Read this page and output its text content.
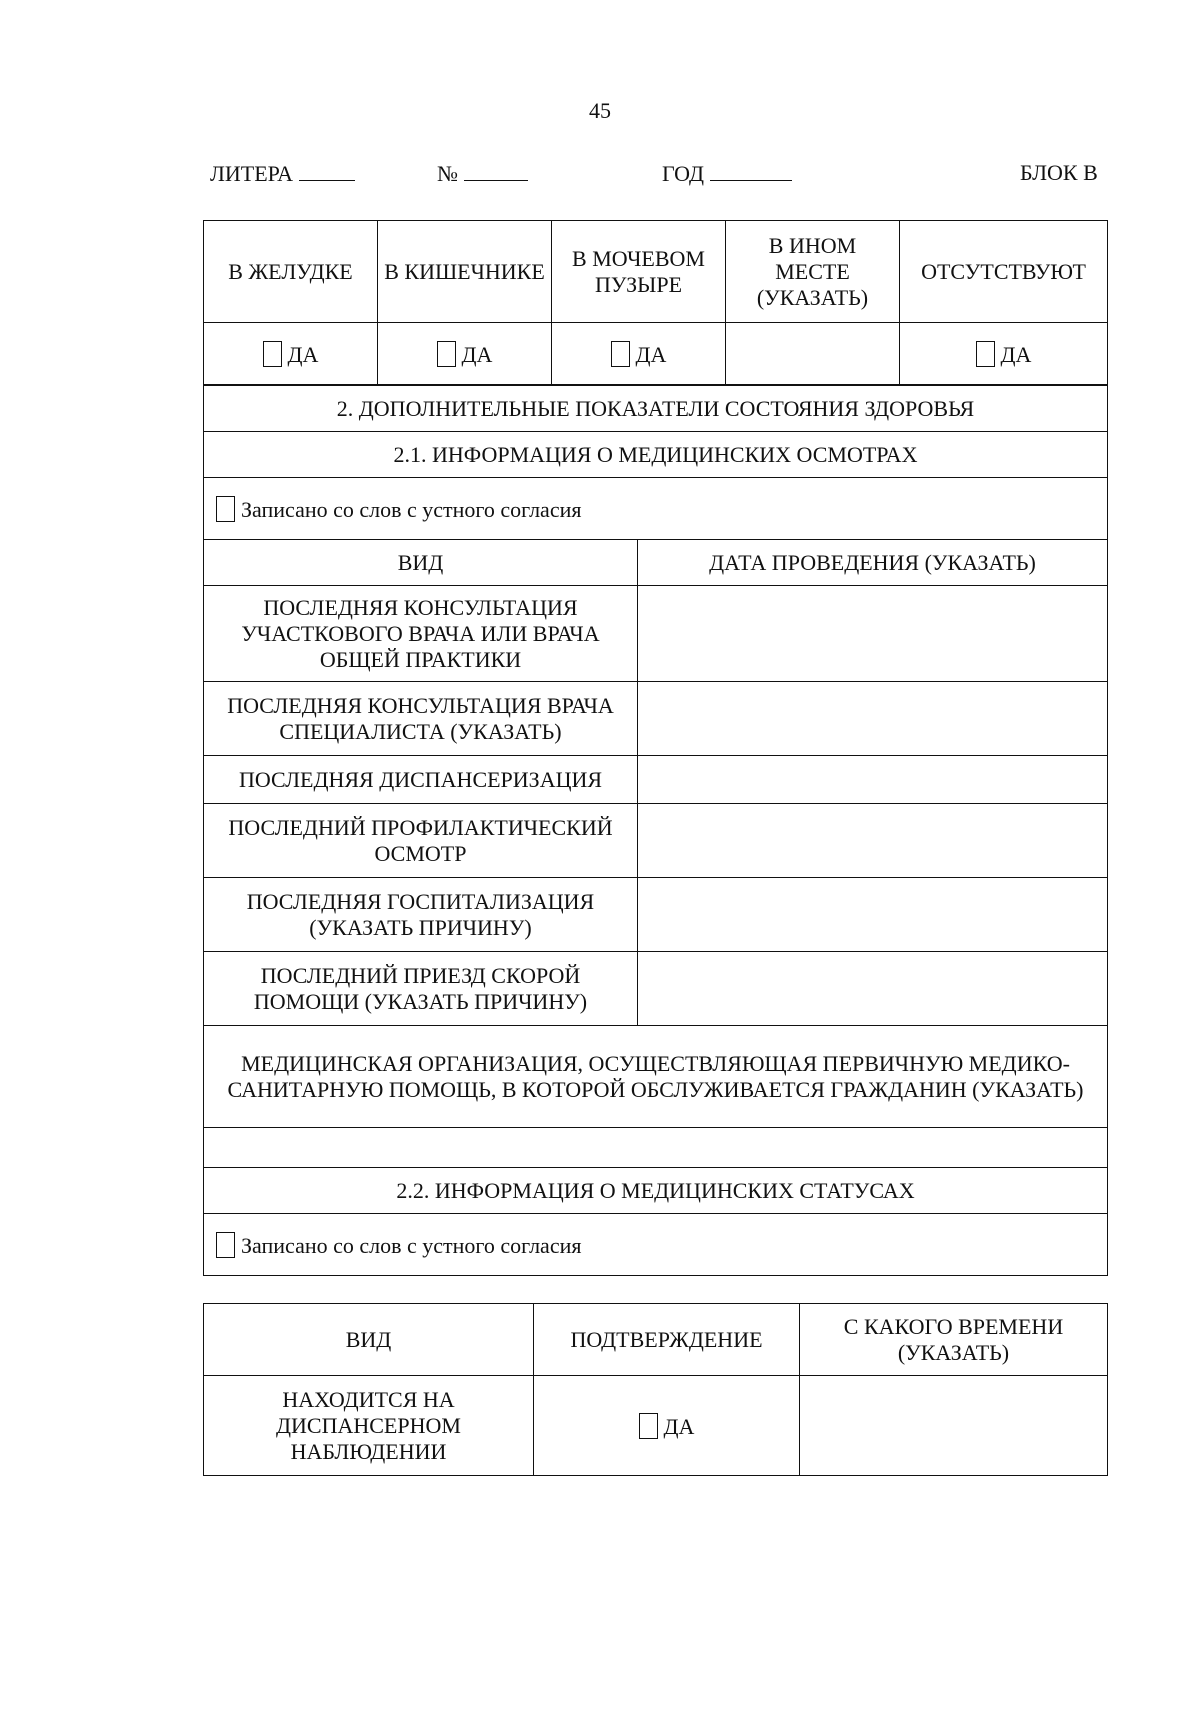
45
ЛИТЕРА	№	ГОД	БЛОК В
В ЖЕЛУДКЕ	В КИШЕЧНИКЕ	В МОЧЕВОМ ПУЗЫРЕ	В ИНОМ МЕСТЕ (УКАЗАТЬ)	ОТСУТСТВУЮТ
ДА	ДА	ДА		ДА
2. ДОПОЛНИТЕЛЬНЫЕ ПОКАЗАТЕЛИ СОСТОЯНИЯ ЗДОРОВЬЯ	
2.1. ИНФОРМАЦИЯ О МЕДИЦИНСКИХ ОСМОТРАХ	
Записано со слов с устного согласия	
ВИД	ДАТА ПРОВЕДЕНИЯ (УКАЗАТЬ)
ПОСЛЕДНЯЯ КОНСУЛЬТАЦИЯ УЧАСТКОВОГО ВРАЧА ИЛИ ВРАЧА ОБЩЕЙ ПРАКТИКИ	
ПОСЛЕДНЯЯ КОНСУЛЬТАЦИЯ ВРАЧА СПЕЦИАЛИСТА (УКАЗАТЬ)	
ПОСЛЕДНЯЯ ДИСПАНСЕРИЗАЦИЯ	
ПОСЛЕДНИЙ ПРОФИЛАКТИЧЕСКИЙ ОСМОТР	
ПОСЛЕДНЯЯ ГОСПИТАЛИЗАЦИЯ (УКАЗАТЬ ПРИЧИНУ)	
ПОСЛЕДНИЙ ПРИЕЗД СКОРОЙ ПОМОЩИ (УКАЗАТЬ ПРИЧИНУ)	
МЕДИЦИНСКАЯ ОРГАНИЗАЦИЯ, ОСУЩЕСТВЛЯЮЩАЯ ПЕРВИЧНУЮ МЕДИКО-САНИТАРНУЮ ПОМОЩЬ, В КОТОРОЙ ОБСЛУЖИВАЕТСЯ ГРАЖДАНИН (УКАЗАТЬ)	

2.2. ИНФОРМАЦИЯ О МЕДИЦИНСКИХ СТАТУСАХ	
Записано со слов с устного согласия	
ВИД	ПОДТВЕРЖДЕНИЕ	С КАКОГО ВРЕМЕНИ (УКАЗАТЬ)
НАХОДИТСЯ НА ДИСПАНСЕРНОМ НАБЛЮДЕНИИ	ДА	
